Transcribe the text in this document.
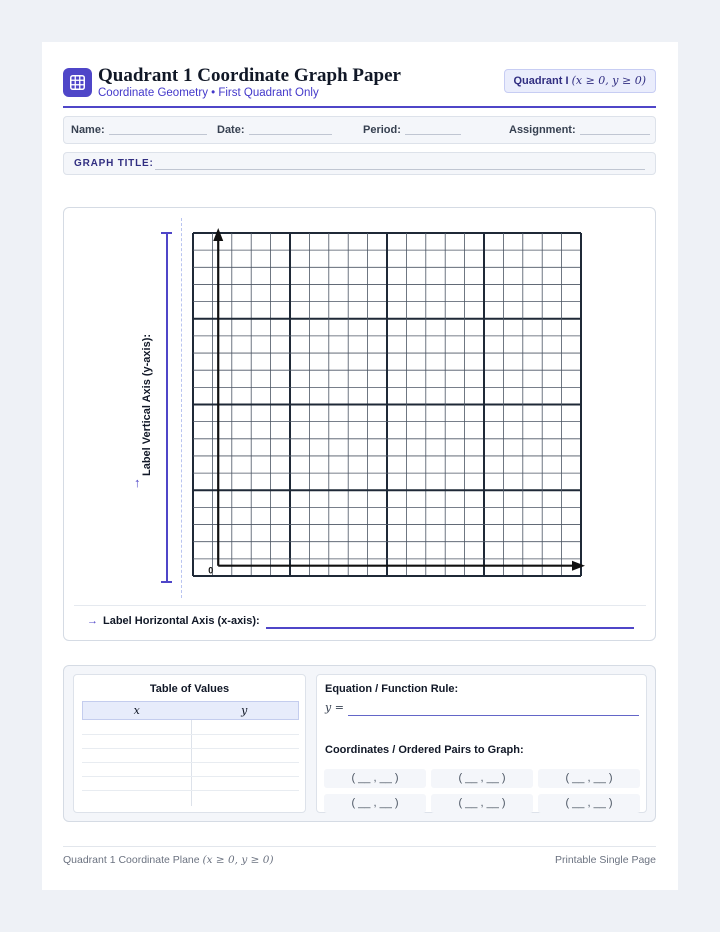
Quadrant 1 Coordinate Graph Paper
Coordinate Geometry • First Quadrant Only
Quadrant I (x ≥ 0, y ≥ 0)
Name:	Date:	Period:	Assignment:
GRAPH TITLE:
Label Vertical Axis (y-axis):
↑
0
→ Label Horizontal Axis (x-axis):
Table of Values
x	y
Equation / Function Rule:
y =
Coordinates / Ordered Pairs to Graph:
( __ , __ )	( __ , __ )	( __ , __ )
( __ , __ )	( __ , __ )	( __ , __ )
Quadrant 1 Coordinate Plane (x ≥ 0, y ≥ 0)	Printable Single Page
